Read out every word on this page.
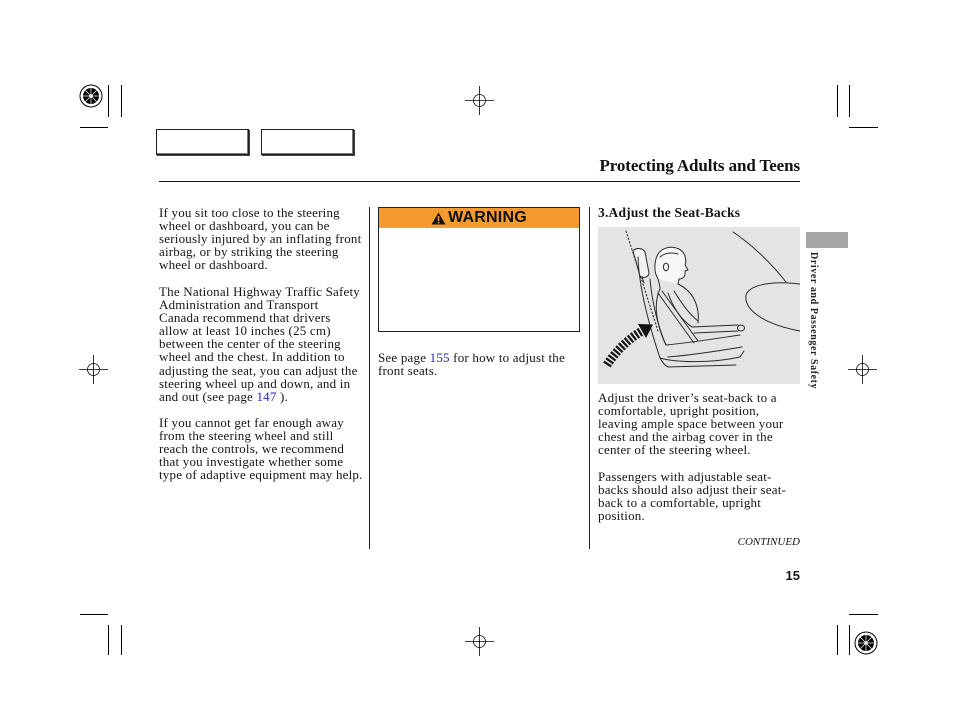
Protecting Adults and Teens
If you sit too close to the steering
wheel or dashboard, you can be
seriously injured by an inflating front
airbag, or by striking the steering
wheel or dashboard.
The National Highway Traffic Safety
Administration and Transport
Canada recommend that drivers
allow at least 10 inches (25 cm)
between the center of the steering
wheel and the chest. In addition to
adjusting the seat, you can adjust the
steering wheel up and down, and in
and out (see page 147 ).
If you cannot get far enough away
from the steering wheel and still
reach the controls, we recommend
that you investigate whether some
type of adaptive equipment may help.
WARNING
See page 155 for how to adjust the
front seats.
3.Adjust the Seat-Backs
Adjust the driver’s seat-back to a
comfortable, upright position,
leaving ample space between your
chest and the airbag cover in the
center of the steering wheel.
Passengers with adjustable seat-
backs should also adjust their seat-
back to a comfortable, upright
position.
CONTINUED
15
Driver and Passenger Safety
